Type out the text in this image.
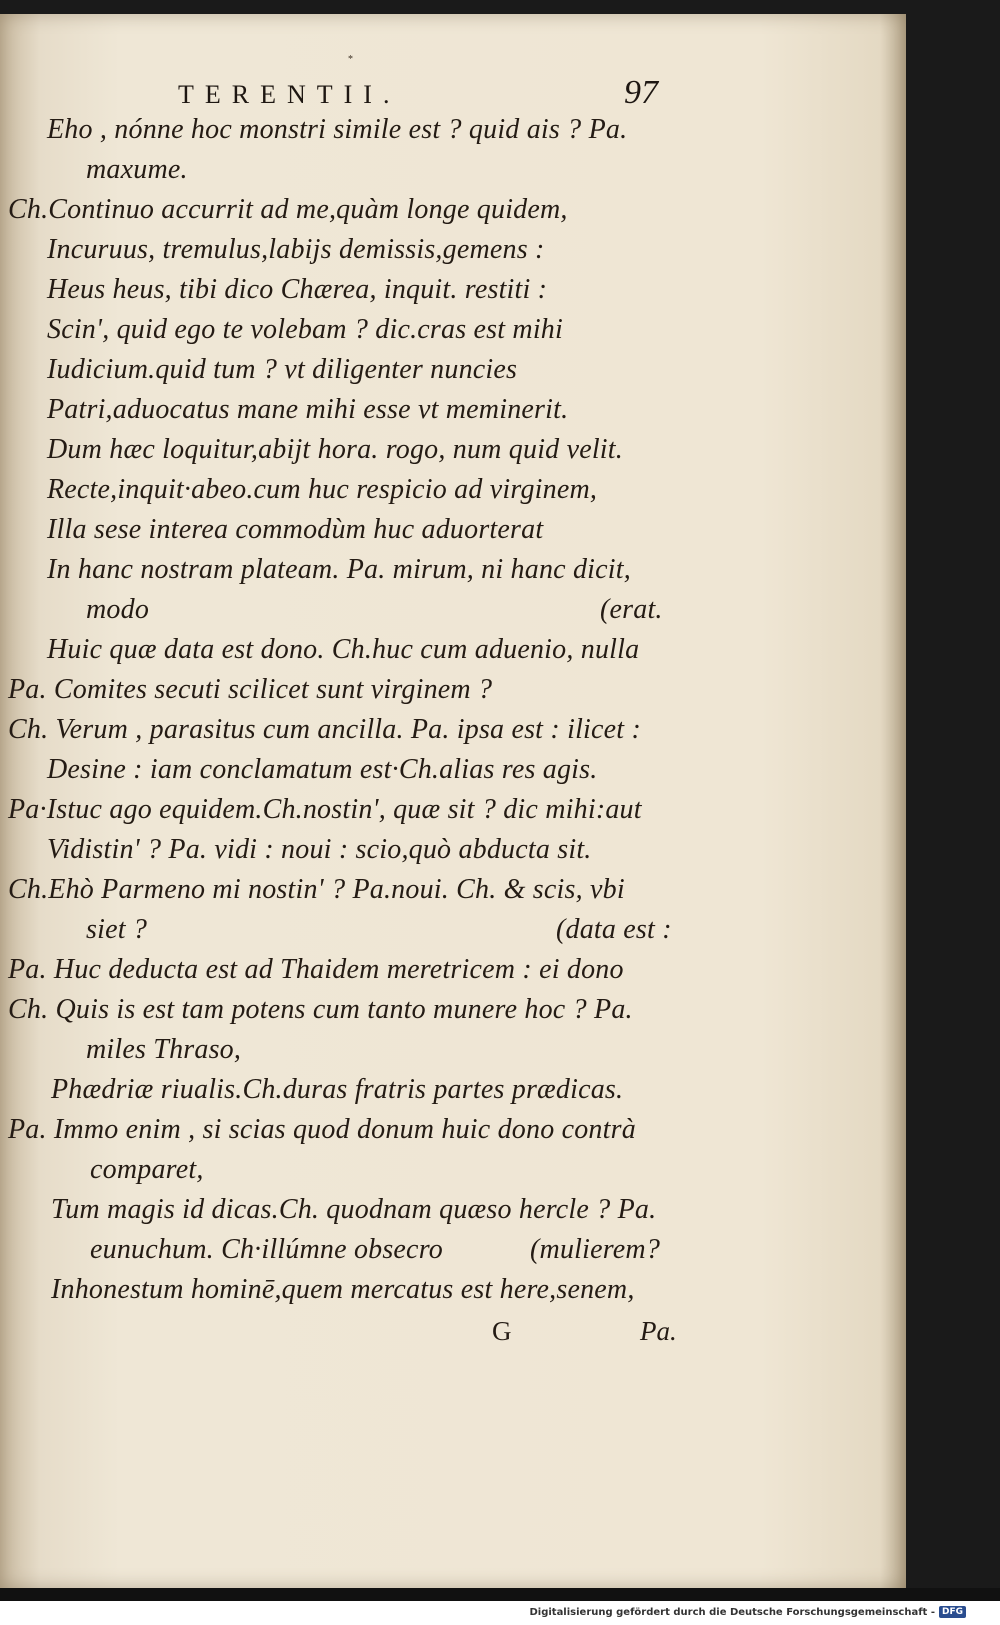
TERENTII.	97
*
Eho , nónne hoc monstri simile est ? quid ais ? Pa.
maxume.
Ch.Continuo accurrit ad me,quàm longe quidem,
Incuruus, tremulus,labijs demissis,gemens :
Heus heus, tibi dico Chærea, inquit. restiti :
Scin', quid ego te volebam ? dic.cras est mihi
Iudicium.quid tum ? vt diligenter nuncies
Patri,aduocatus mane mihi esse vt meminerit.
Dum hæc loquitur,abijt hora. rogo, num quid velit.
Recte,inquit·abeo.cum huc respicio ad virginem,
Illa sese interea commodùm huc aduorterat
In hanc nostram plateam. Pa. mirum, ni hanc dicit,
modo	(erat.
Huic quæ data est dono. Ch.huc cum aduenio, nulla
Pa. Comites secuti scilicet sunt virginem ?
Ch. Verum , parasitus cum ancilla. Pa. ipsa est : ilicet :
Desine : iam conclamatum est·Ch.alias res agis.
Pa·Istuc ago equidem.Ch.nostin', quæ sit ? dic mihi:aut
Vidistin' ? Pa. vidi : noui : scio,quò abducta sit.
Ch.Ehò Parmeno mi nostin' ? Pa.noui. Ch. & scis, vbi
siet ?	(data est :
Pa. Huc deducta est ad Thaidem meretricem : ei dono
Ch. Quis is est tam potens cum tanto munere hoc ? Pa.
miles Thraso,
Phædriæ riualis.Ch.duras fratris partes prædicas.
Pa. Immo enim , si scias quod donum huic dono contrà
comparet,
Tum magis id dicas.Ch. quodnam quæso hercle ? Pa.
eunuchum. Ch·illúmne obsecro	(mulierem?
Inhonestum hominē,quem mercatus est here,senem,
G	Pa.
Digitalisierung gefördert durch die Deutsche Forschungsgemeinschaft - DFG
